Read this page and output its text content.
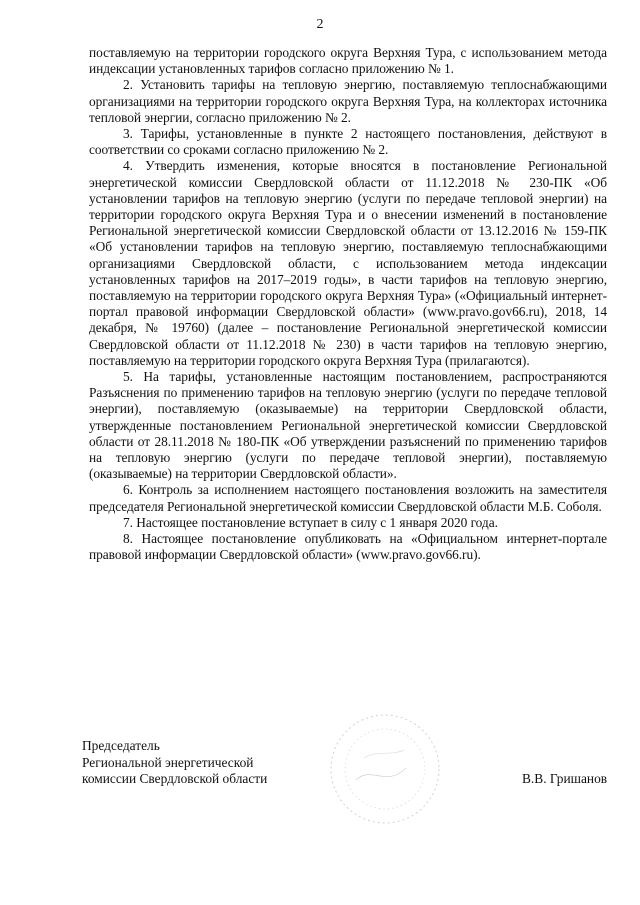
2

поставляемую на территории городского округа Верхняя Тура, с использованием метода индексации установленных тарифов согласно приложению № 1.

2. Установить тарифы на тепловую энергию, поставляемую теплоснабжающими организациями на территории городского округа Верхняя Тура, на коллекторах источника тепловой энергии, согласно приложению № 2.

3. Тарифы, установленные в пункте 2 настоящего постановления, действуют в соответствии со сроками согласно приложению № 2.

4. Утвердить изменения, которые вносятся в постановление Региональной энергетической комиссии Свердловской области от 11.12.2018 № 230-ПК «Об установлении тарифов на тепловую энергию (услуги по передаче тепловой энергии) на территории городского округа Верхняя Тура и о внесении изменений в постановление Региональной энергетической комиссии Свердловской области от 13.12.2016 № 159-ПК «Об установлении тарифов на тепловую энергию, поставляемую теплоснабжающими организациями Свердловской области, с использованием метода индексации установленных тарифов на 2017–2019 годы», в части тарифов на тепловую энергию, поставляемую на территории городского округа Верхняя Тура» («Официальный интернет-портал правовой информации Свердловской области» (www.pravo.gov66.ru), 2018, 14 декабря, № 19760) (далее – постановление Региональной энергетической комиссии Свердловской области от 11.12.2018 № 230) в части тарифов на тепловую энергию, поставляемую на территории городского округа Верхняя Тура (прилагаются).

5. На тарифы, установленные настоящим постановлением, распространяются Разъяснения по применению тарифов на тепловую энергию (услуги по передаче тепловой энергии), поставляемую (оказываемые) на территории Свердловской области, утвержденные постановлением Региональной энергетической комиссии Свердловской области от 28.11.2018 № 180-ПК «Об утверждении разъяснений по применению тарифов на тепловую энергию (услуги по передаче тепловой энергии), поставляемую (оказываемые) на территории Свердловской области».

6. Контроль за исполнением настоящего постановления возложить на заместителя председателя Региональной энергетической комиссии Свердловской области М.Б. Соболя.

7. Настоящее постановление вступает в силу с 1 января 2020 года.

8. Настоящее постановление опубликовать на «Официальном интернет-портале правовой информации Свердловской области» (www.pravo.gov66.ru).

Председатель

Региональной энергетической

комиссии Свердловской области	В.В. Гришанов
